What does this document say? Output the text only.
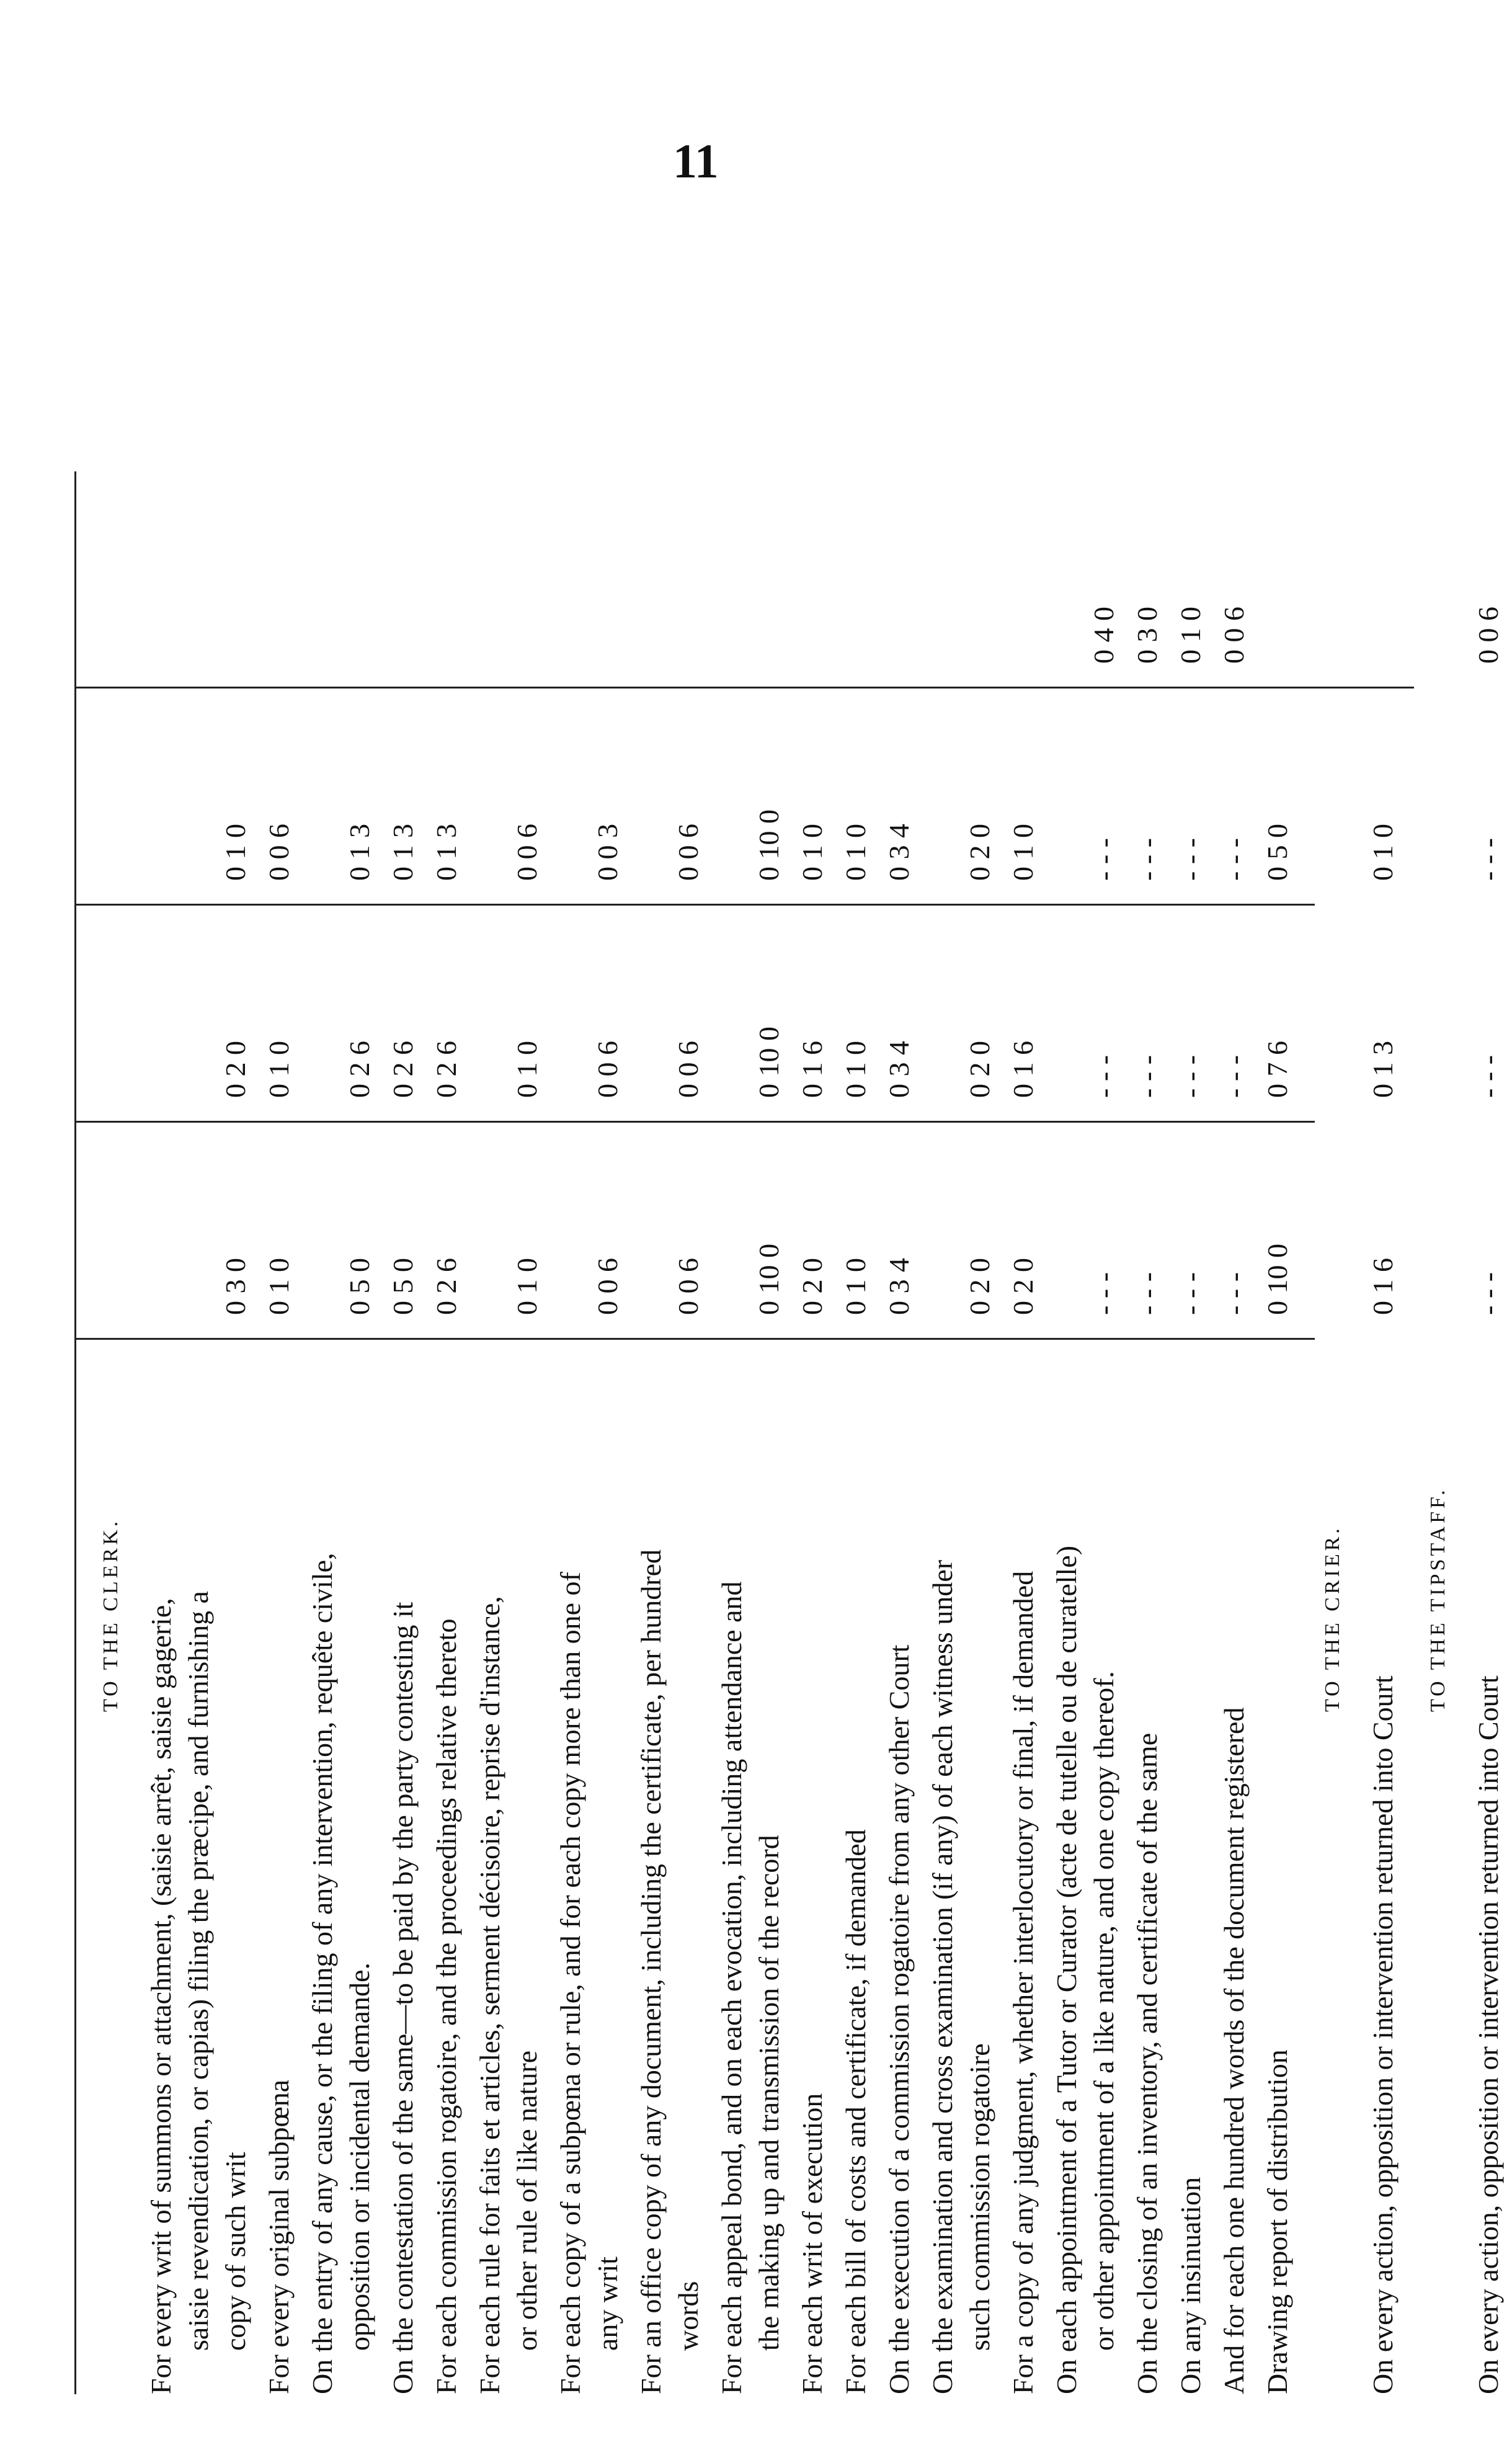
11
TO THE CLERK. For every writ of summons or attachment, (saisie arrêt, saisie gagerie, saisie revendication, or capias) filing the præcipe, and furnishing a copy of such writ
0 3 0
0 2 0
0 1 0
For every original subpœna
0 1 0
0 1 0
0 0 6
On the entry of any cause, or the filing of any intervention, requête civile, opposition or incidental demande.
0 5 0
0 2 6
0 1 3
On the contestation of the same—to be paid by the party contesting it
0 5 0
0 2 6
0 1 3
For each commission rogatoire, and the proceedings relative thereto
0 2 6
0 2 6
0 1 3
For each rule for faits et articles, serment décisoire, reprise d'instance, or other rule of like nature
0 1 0
0 1 0
0 0 6
For each copy of a subpœna or rule, and for each copy more than one of any writ
0 0 6
0 0 6
0 0 3
For an office copy of any document, including the certificate, per hundred words
0 0 6
0 0 6
0 0 6
For each appeal bond, and on each evocation, including attendance and the making up and transmission of the record
0 10 0
0 10 0
0 10 0
For each writ of execution
0 2 0
0 1 6
0 1 0
For each bill of costs and certificate, if demanded
0 1 0
0 1 0
0 1 0
On the execution of a commission rogatoire from any other Court
0 3 4
0 3 4
0 3 4
On the examination and cross examination (if any) of each witness under such commission rogatoire
0 2 0
0 2 0
0 2 0
For a copy of any judgment, whether interlocutory or final, if demanded
0 2 0
0 1 6
0 1 0
On each appointment of a Tutor or Curator (acte de tutelle ou de curatelle) or other appointment of a like nature, and one copy thereof.
- - -
- - -
- - -
0 4 0
On the closing of an inventory, and certificate of the same
- - -
- - -
- - -
0 3 0
On any insinuation
- - -
- - -
- - -
0 1 0
And for each one hundred words of the document registered
- - -
- - -
- - -
0 0 6
Drawing report of distribution
0 10 0
0 7 6
0 5 0
TO THE CRIER.
On every action, opposition or intervention returned into Court
0 1 6
0 1 3
0 1 0
TO THE TIPSTAFF.
On every action, opposition or intervention returned into Court
- - -
- - -
- - -
0 0 6
